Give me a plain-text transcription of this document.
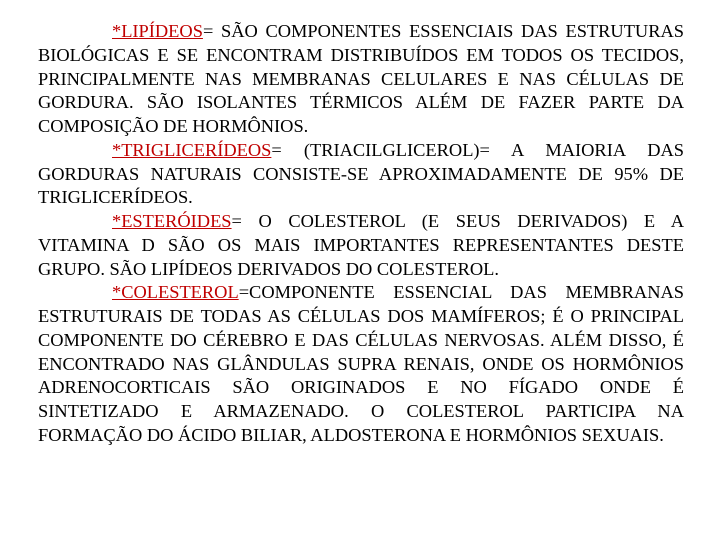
*LIPÍDEOS= SÃO COMPONENTES ESSENCIAIS DAS ESTRUTURAS BIOLÓGICAS E SE ENCONTRAM DISTRIBUÍDOS EM TODOS OS TECIDOS, PRINCIPALMENTE NAS MEMBRANAS CELULARES E NAS CÉLULAS DE GORDURA. SÃO ISOLANTES TÉRMICOS ALÉM DE FAZER PARTE DA COMPOSIÇÃO DE HORMÔNIOS.

*TRIGLICERÍDEOS= (TRIACILGLICEROL)= A MAIORIA DAS GORDURAS NATURAIS CONSISTE-SE APROXIMADAMENTE DE 95% DE TRIGLICERÍDEOS.

*ESTERÓIDES= O COLESTEROL (E SEUS DERIVADOS) E A VITAMINA D SÃO OS MAIS IMPORTANTES REPRESENTANTES DESTE GRUPO. SÃO LIPÍDEOS DERIVADOS DO COLESTEROL.

*COLESTEROL=COMPONENTE ESSENCIAL DAS MEMBRANAS ESTRUTURAIS DE TODAS AS CÉLULAS DOS MAMÍFEROS; É O PRINCIPAL COMPONENTE DO CÉREBRO E DAS CÉLULAS NERVOSAS. ALÉM DISSO, É ENCONTRADO NAS GLÂNDULAS SUPRA RENAIS, ONDE OS HORMÔNIOS ADRENOCORTICAIS SÃO ORIGINADOS E NO FÍGADO ONDE É SINTETIZADO E ARMAZENADO. O COLESTEROL PARTICIPA NA FORMAÇÃO DO ÁCIDO BILIAR, ALDOSTERONA E HORMÔNIOS SEXUAIS.
